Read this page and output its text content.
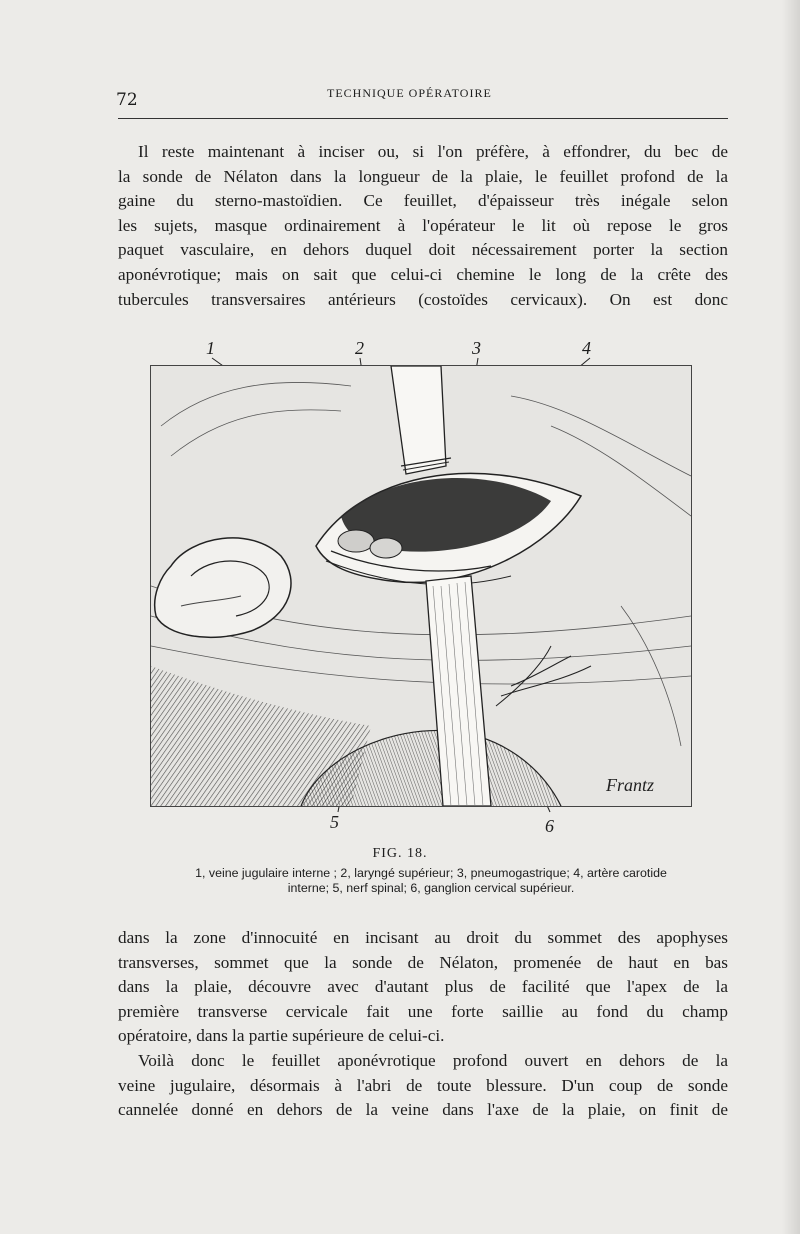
72	TECHNIQUE OPÉRATOIRE
Il reste maintenant à inciser ou, si l'on préfère, à effondrer, du bec de
la sonde de Nélaton dans la longueur de la plaie, le feuillet profond de la
gaine du sterno-mastoïdien. Ce feuillet, d'épaisseur très inégale selon
les sujets, masque ordinairement à l'opérateur le lit où repose le gros
paquet vasculaire, en dehors duquel doit nécessairement porter la section
aponévrotique; mais on sait que celui-ci chemine le long de la crête des
tubercules transversaires antérieurs (costoïdes cervicaux). On est donc
1	2	3	4
5	6
Frantz
FIG. 18.
1, veine jugulaire interne ; 2, laryngé supérieur; 3, pneumogastrique; 4, artère carotide
interne; 5, nerf spinal; 6, ganglion cervical supérieur.
dans la zone d'innocuité en incisant au droit du sommet des apophyses
transverses, sommet que la sonde de Nélaton, promenée de haut en bas
dans la plaie, découvre avec d'autant plus de facilité que l'apex de la
première transverse cervicale fait une forte saillie au fond du champ
opératoire, dans la partie supérieure de celui-ci.
Voilà donc le feuillet aponévrotique profond ouvert en dehors de la
veine jugulaire, désormais à l'abri de toute blessure. D'un coup de sonde
cannelée donné en dehors de la veine dans l'axe de la plaie, on finit de
